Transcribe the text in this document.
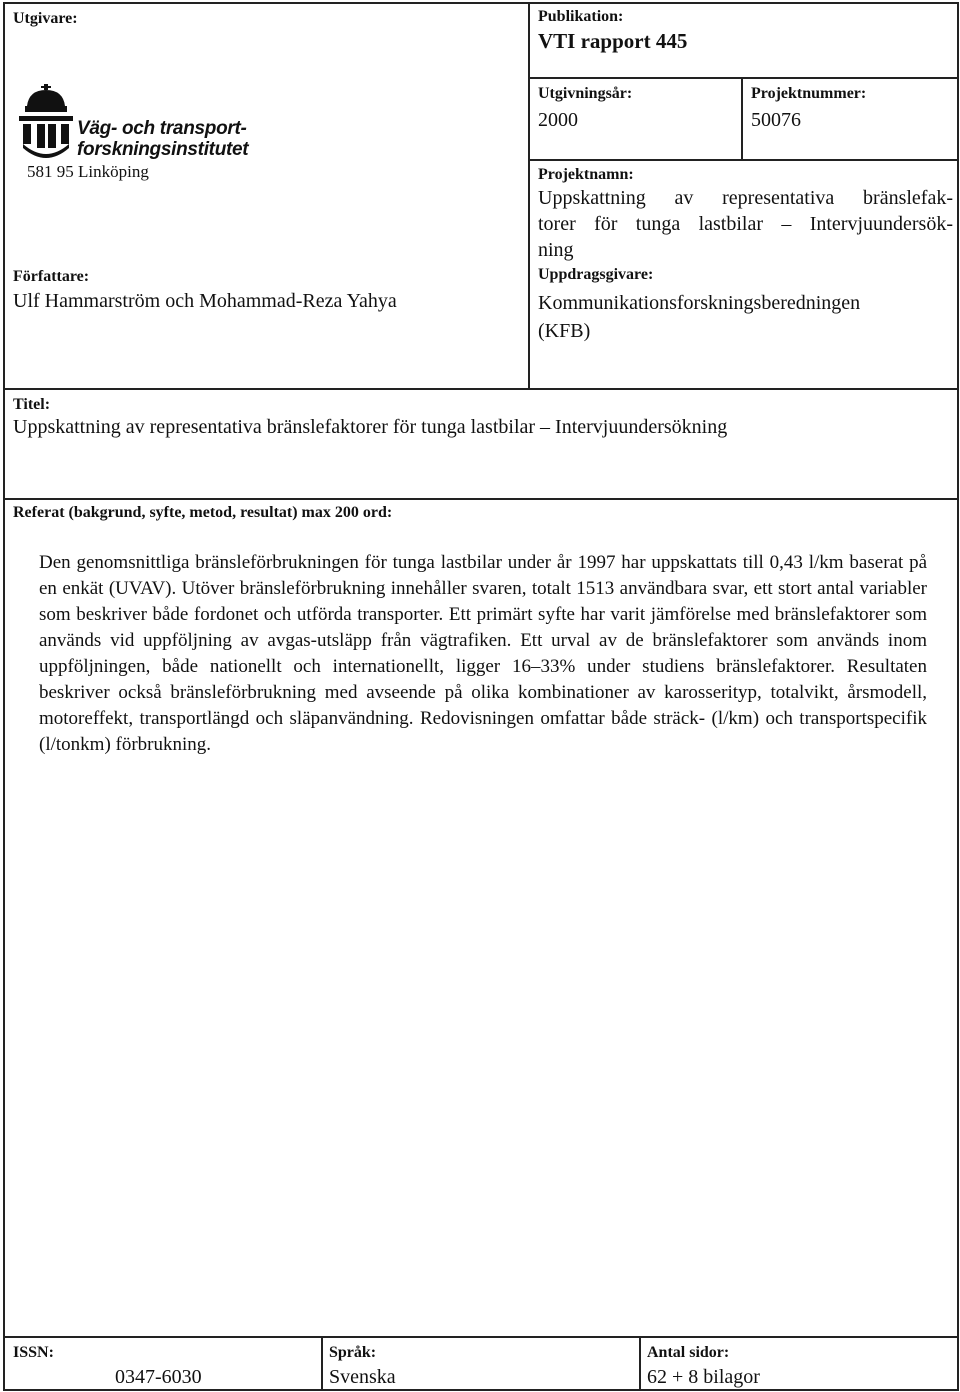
Utgivare:
Väg- och transport-
forskningsinstitutet
581 95 Linköping
Författare:
Ulf Hammarström och Mohammad-Reza Yahya
Publikation:
VTI rapport 445
Utgivningsår:
2000
Projektnummer:
50076
Projektnamn:
Uppskattning av representativa bränslefak-
torer för tunga lastbilar – Intervjuundersök-
ning
Uppdragsgivare:
Kommunikationsforskningsberedningen
(KFB)
Titel:
Uppskattning av representativa bränslefaktorer för tunga lastbilar – Intervjuundersökning
Referat (bakgrund, syfte, metod, resultat) max 200 ord:
Den genomsnittliga bränsleförbrukningen för tunga lastbilar under år 1997 har uppskattats till 0,43 l/km baserat på en enkät (UVAV). Utöver bränsleförbrukning innehåller svaren, totalt 1513 användbara svar, ett stort antal variabler som beskriver både fordonet och utförda transporter. Ett primärt syfte har varit jämförelse med bränslefaktorer som används vid uppföljning av avgas-utsläpp från vägtrafiken. Ett urval av de bränslefaktorer som används inom uppföljningen, både nationellt och internationellt, ligger 16–33% under studiens bränslefaktorer. Resultaten beskriver också bränsleförbrukning med avseende på olika kombinationer av karosserityp, totalvikt, årsmodell, motoreffekt, transportlängd och släpanvändning. Redovisningen omfattar både sträck- (l/km) och transportspecifik (l/tonkm) förbrukning.
ISSN:
0347-6030
Språk:
Svenska
Antal sidor:
62 + 8 bilagor
